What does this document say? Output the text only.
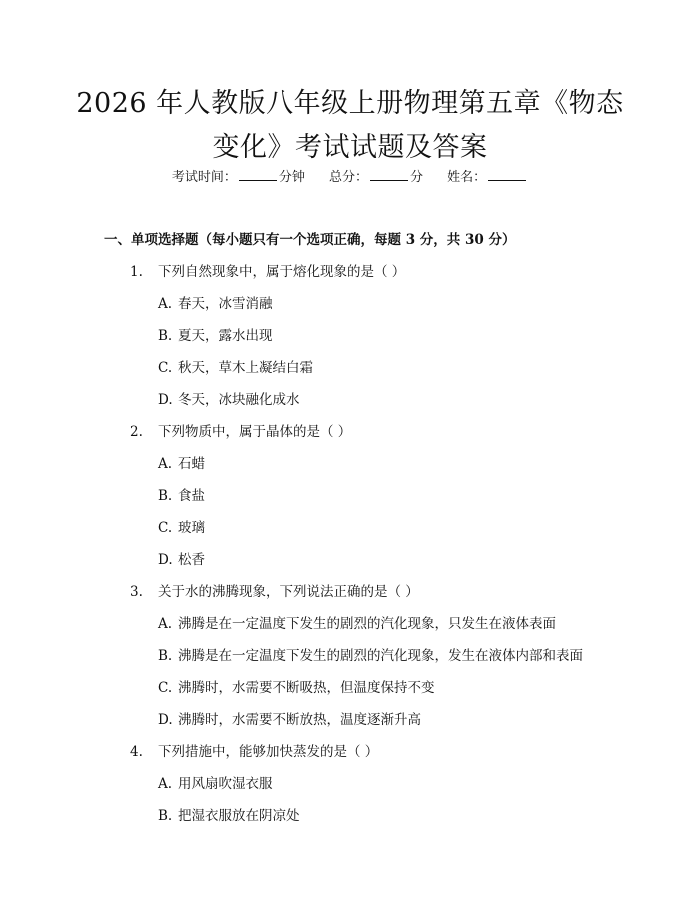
2026 年人教版八年级上册物理第五章《物态
变化》考试试题及答案
考试时间：	分钟 总分：	分 姓名：
一、单项选择题（每小题只有一个选项正确，每题 3 分，共 30 分）
1. 下列自然现象中，属于熔化现象的是（ ）
A. 春天，冰雪消融
B. 夏天，露水出现
C. 秋天，草木上凝结白霜
D. 冬天，冰块融化成水
2. 下列物质中，属于晶体的是（ ）
A. 石蜡
B. 食盐
C. 玻璃
D. 松香
3. 关于水的沸腾现象，下列说法正确的是（ ）
A. 沸腾是在一定温度下发生的剧烈的汽化现象，只发生在液体表面
B. 沸腾是在一定温度下发生的剧烈的汽化现象，发生在液体内部和表面
C. 沸腾时，水需要不断吸热，但温度保持不变
D. 沸腾时，水需要不断放热，温度逐渐升高
4. 下列措施中，能够加快蒸发的是（ ）
A. 用风扇吹湿衣服
B. 把湿衣服放在阴凉处
